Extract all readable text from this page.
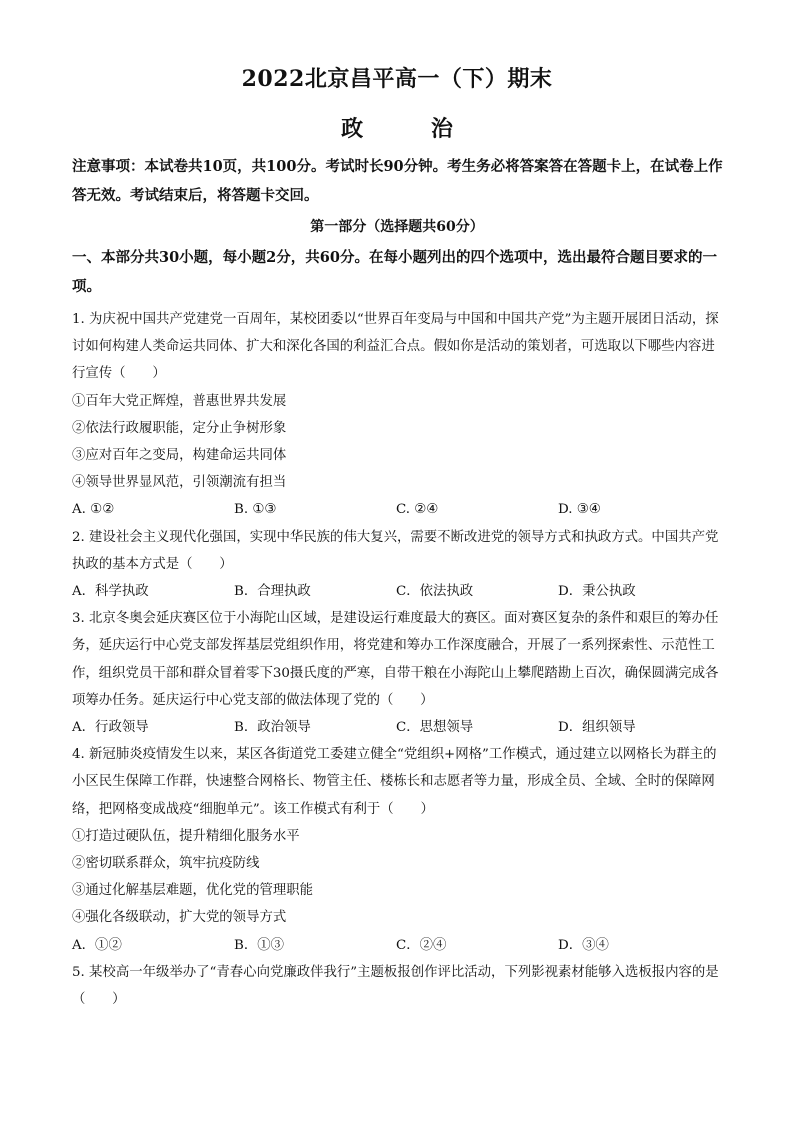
2022北京昌平高一（下）期末
政 治
注意事项：本试卷共10页，共100分。考试时长90分钟。考生务必将答案答在答题卡上，在试卷上作答无效。考试结束后，将答题卡交回。
第一部分（选择题共60分）
一、本部分共30小题，每小题2分，共60分。在每小题列出的四个选项中，选出最符合题目要求的一项。

1. 为庆祝中国共产党建党一百周年，某校团委以“世界百年变局与中国和中国共产党”为主题开展团日活动，探讨如何构建人类命运共同体、扩大和深化各国的利益汇合点。假如你是活动的策划者，可选取以下哪些内容进行宣传（　　）

①百年大党正辉煌，普惠世界共发展

②依法行政履职能，定分止争树形象

③应对百年之变局，构建命运共同体

④领导世界显风范，引领潮流有担当

A. ①②	B. ①③	C. ②④	D. ③④

2. 建设社会主义现代化强国，实现中华民族的伟大复兴，需要不断改进党的领导方式和执政方式。中国共产党执政的基本方式是（　　）

A．科学执政	B．合理执政	C．依法执政	D．秉公执政

3. 北京冬奥会延庆赛区位于小海陀山区域，是建设运行难度最大的赛区。面对赛区复杂的条件和艰巨的筹办任务，延庆运行中心党支部发挥基层党组织作用，将党建和筹办工作深度融合，开展了一系列探索性、示范性工作，组织党员干部和群众冒着零下30摄氏度的严寒，自带干粮在小海陀山上攀爬踏勘上百次，确保圆满完成各项筹办任务。延庆运行中心党支部的做法体现了党的（　　）

A．行政领导	B．政治领导	C．思想领导	D．组织领导

4. 新冠肺炎疫情发生以来，某区各街道党工委建立健全“党组织+网格”工作模式，通过建立以网格长为群主的小区民生保障工作群，快速整合网格长、物管主任、楼栋长和志愿者等力量，形成全员、全域、全时的保障网络，把网格变成战疫“细胞单元”。该工作模式有利于（　　）

①打造过硬队伍，提升精细化服务水平

②密切联系群众，筑牢抗疫防线

③通过化解基层难题，优化党的管理职能

④强化各级联动，扩大党的领导方式

A．①②	B．①③	C．②④	D．③④

5. 某校高一年级举办了“青春心向党廉政伴我行”主题板报创作评比活动，下列影视素材能够入选板报内容的是（　　）
